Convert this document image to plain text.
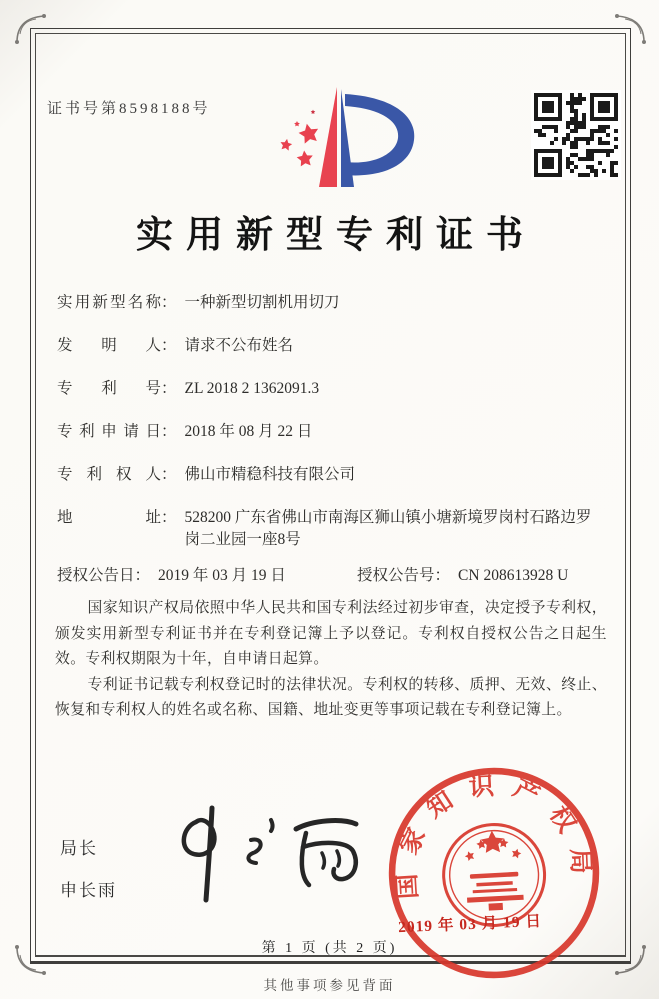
证书号第8598188号
实用新型专利证书
实用新型名称 ： 一种新型切割机用切刀
发明人 ： 请求不公布姓名
专利号 ： ZL 2018 2 1362091.3
专利申请日 ： 2018 年 08 月 22 日
专利权人 ： 佛山市精稳科技有限公司
地址 ： 528200 广东省佛山市南海区狮山镇小塘新境罗岗村石路边罗岗二业园一座8号
授权公告日 ： 2019 年 03 月 19 日	授权公告号 ： CN 208613928 U

国家知识产权局依照中华人民共和国专利法经过初步审查，决定授予专利权，颁发实用新型专利证书并在专利登记簿上予以登记。专利权自授权公告之日起生效。专利权期限为十年，自申请日起算。

专利证书记载专利权登记时的法律状况。专利权的转移、质押、无效、终止、恢复和专利权人的姓名或名称、国籍、地址变更等事项记载在专利登记簿上。

局长
申长雨	国家知识产权局
2019 年 03 月 19 日
第 1 页 (共 2 页)
其他事项参见背面
